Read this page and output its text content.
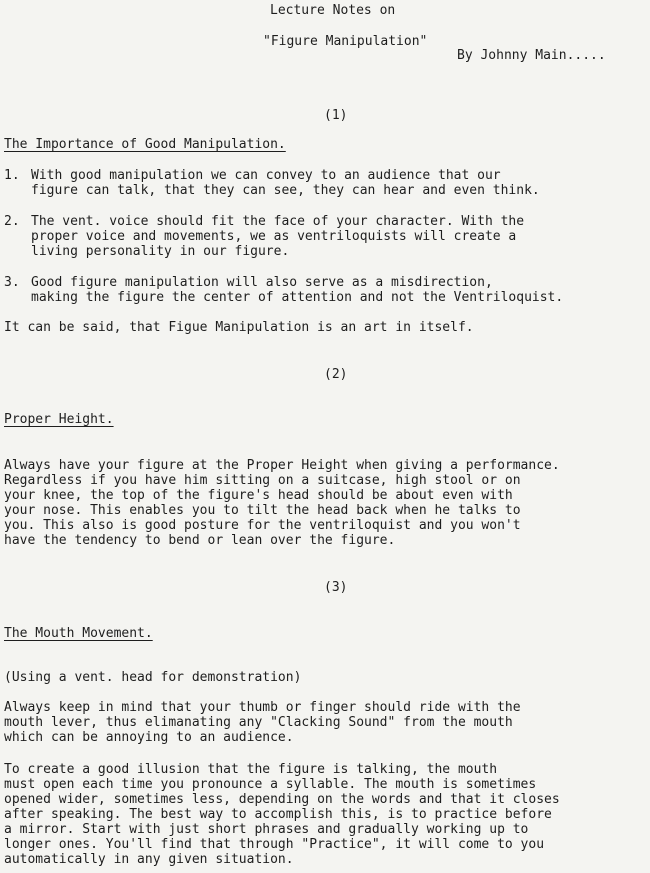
Lecture Notes on
"Figure Manipulation"
By Johnny Main.....
(1)
The Importance of Good Manipulation.
1. With good manipulation we can convey to an audience that our
figure can talk, that they can see, they can hear and even think.
2. The vent. voice should fit the face of your character. With the
proper voice and movements, we as ventriloquists will create a
living personality in our figure.
3. Good figure manipulation will also serve as a misdirection,
making the figure the center of attention and not the Ventriloquist.
It can be said, that Figue Manipulation is an art in itself.
(2)
Proper Height.
Always have your figure at the Proper Height when giving a performance.
Regardless if you have him sitting on a suitcase, high stool or on
your knee, the top of the figure's head should be about even with
your nose. This enables you to tilt the head back when he talks to
you. This also is good posture for the ventriloquist and you won't
have the tendency to bend or lean over the figure.
(3)
The Mouth Movement.
(Using a vent. head for demonstration)
Always keep in mind that your thumb or finger should ride with the
mouth lever, thus elimanating any "Clacking Sound" from the mouth
which can be annoying to an audience.
To create a good illusion that the figure is talking, the mouth
must open each time you pronounce a syllable. The mouth is sometimes
opened wider, sometimes less, depending on the words and that it closes
after speaking. The best way to accomplish this, is to practice before
a mirror. Start with just short phrases and gradually working up to
longer ones. You'll find that through "Practice", it will come to you
automatically in any given situation.
